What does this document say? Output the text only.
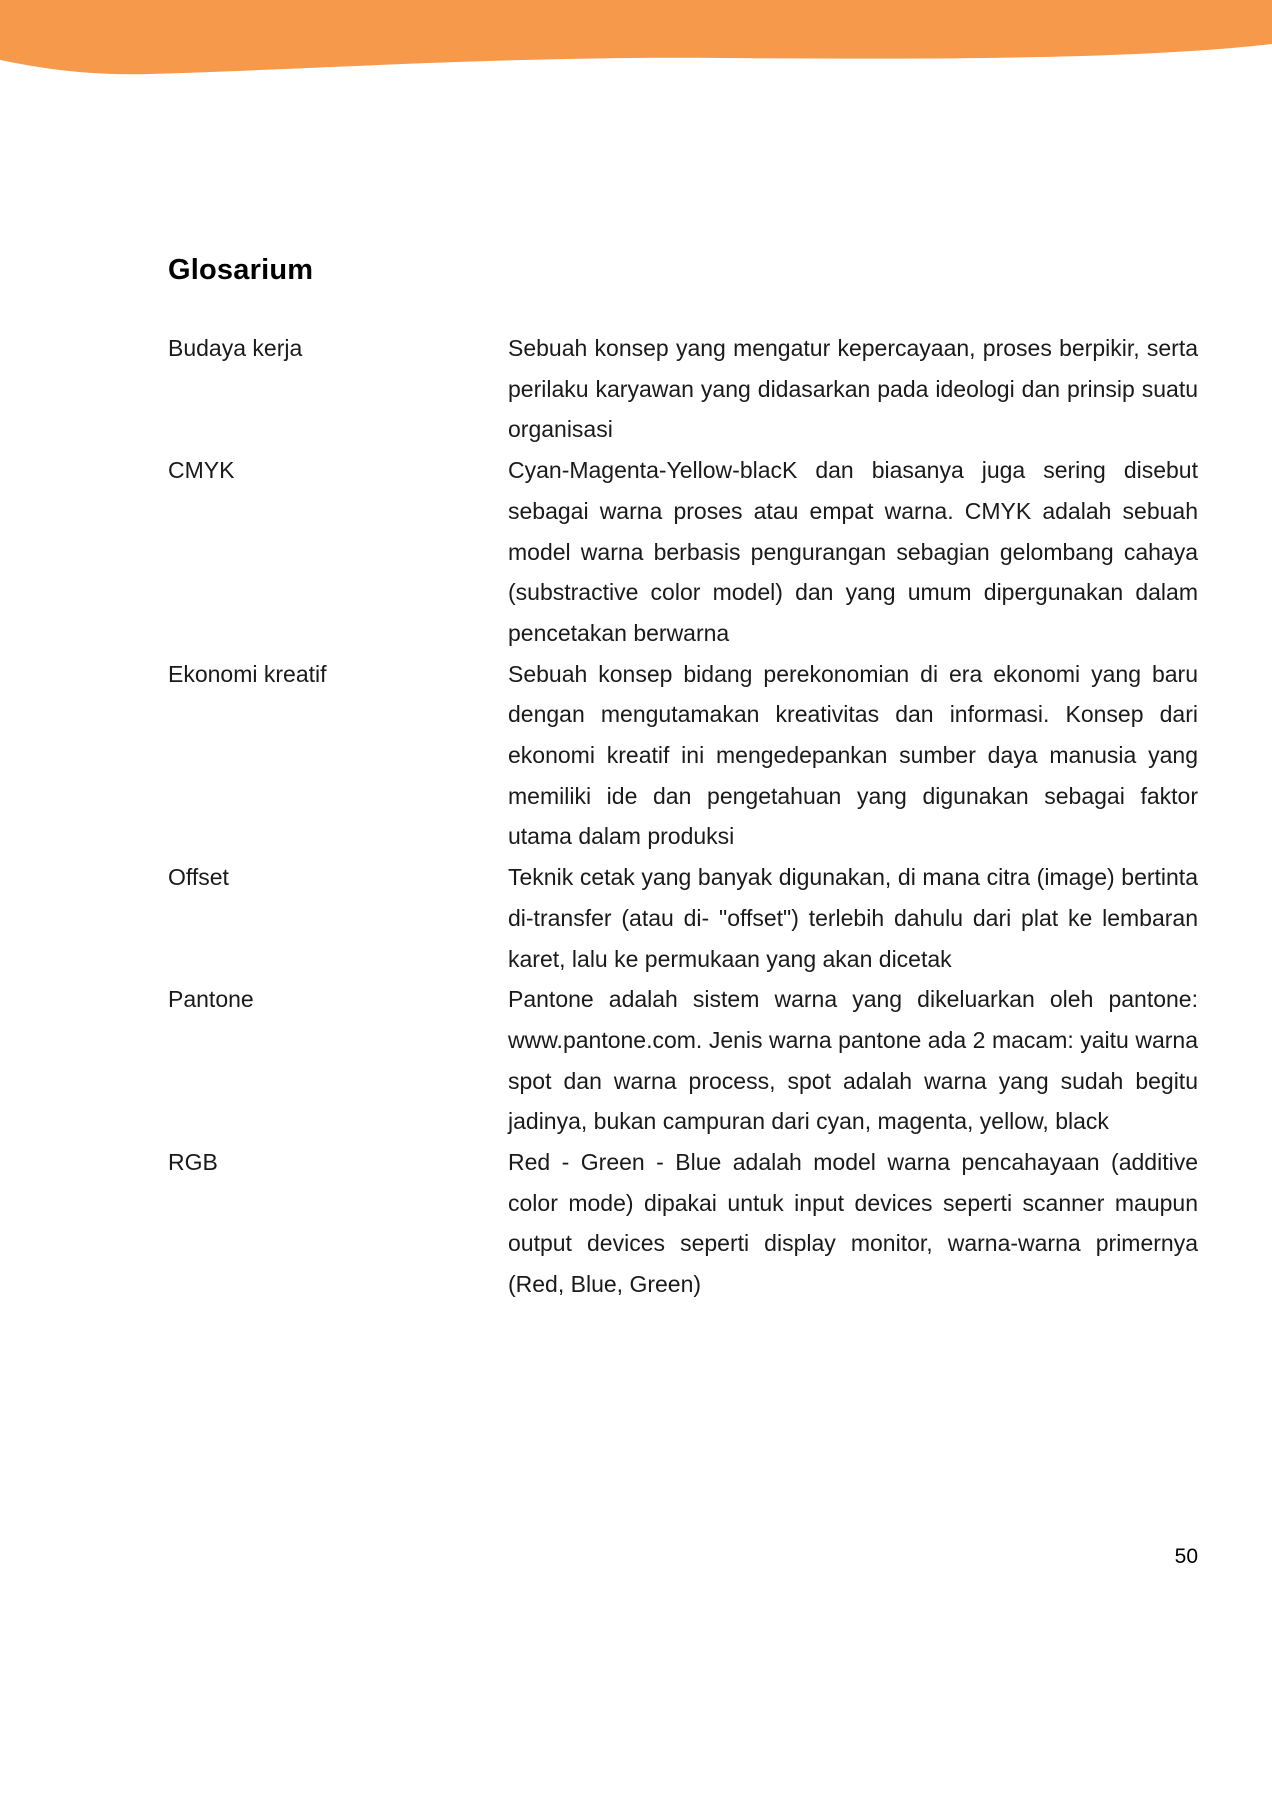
Glosarium
Budaya kerja	Sebuah konsep yang mengatur kepercayaan, proses berpikir, serta perilaku karyawan yang didasarkan pada ideologi dan prinsip suatu organisasi
CMYK	Cyan-Magenta-Yellow-blacK dan biasanya juga sering disebut sebagai warna proses atau empat warna. CMYK adalah sebuah model warna berbasis pengurangan sebagian gelombang cahaya (substractive color model) dan yang umum dipergunakan dalam pencetakan berwarna
Ekonomi kreatif	Sebuah konsep bidang perekonomian di era ekonomi yang baru dengan mengutamakan kreativitas dan informasi. Konsep dari ekonomi kreatif ini mengedepankan sumber daya manusia yang memiliki ide dan pengetahuan yang digunakan sebagai faktor utama dalam produksi
Offset	Teknik cetak yang banyak digunakan, di mana citra (image) bertinta di-transfer (atau di- "offset") terlebih dahulu dari plat ke lembaran karet, lalu ke permukaan yang akan dicetak
Pantone	Pantone adalah sistem warna yang dikeluarkan oleh pantone: www.pantone.com. Jenis warna pantone ada 2 macam: yaitu warna spot dan warna process, spot adalah warna yang sudah begitu jadinya, bukan campuran dari cyan, magenta, yellow, black
RGB	Red - Green - Blue adalah model warna pencahayaan (additive color mode) dipakai untuk input devices seperti scanner maupun output devices seperti display monitor, warna-warna primernya (Red, Blue, Green)
50
